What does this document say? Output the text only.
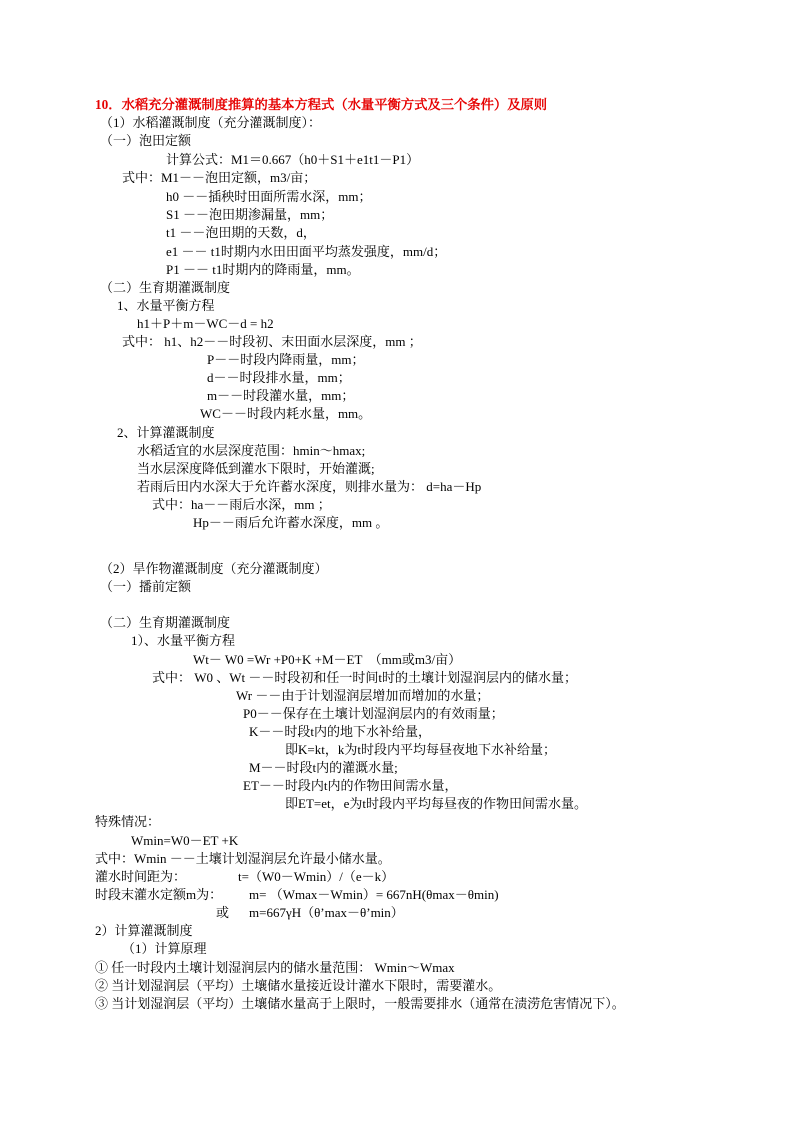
10．水稻充分灌溉制度推算的基本方程式（水量平衡方式及三个条件）及原则
（1）水稻灌溉制度（充分灌溉制度）：
（一）泡田定额
计算公式：M1＝0.667（h0＋S1＋e1t1－P1）
式中：M1－－泡田定额，m3/亩；
h0 －－插秧时田面所需水深，mm；
S1 －－泡田期渗漏量，mm；
t1 －－泡田期的天数，d，
e1 －－ t1时期内水田田面平均蒸发强度，mm/d；
P1 －－ t1时期内的降雨量，mm。
（二）生育期灌溉制度
1、水量平衡方程
h1＋P＋m－WC－d = h2
式中： h1、h2－－时段初、末田面水层深度，mm ；
P－－时段内降雨量，mm；
d－－时段排水量，mm；
m－－时段灌水量，mm；
WC－－时段内耗水量，mm。
2、计算灌溉制度
水稻适宜的水层深度范围：hmin～hmax;
当水层深度降低到灌水下限时，开始灌溉;
若雨后田内水深大于允许蓄水深度，则排水量为： d=ha－Hp
式中：ha－－雨后水深，mm ；
Hp－－雨后允许蓄水深度，mm 。
（2）旱作物灌溉制度（充分灌溉制度）
（一）播前定额
（二）生育期灌溉制度
1）、水量平衡方程
Wt－ W0 =Wr +P0+K +M－ET  （mm或m3/亩）
式中： W0 、Wt －－时段初和任一时间t时的土壤计划湿润层内的储水量；
Wr －－由于计划湿润层增加而增加的水量；
P0－－保存在土壤计划湿润层内的有效雨量；
K－－时段t内的地下水补给量，
即K=kt，k为t时段内平均每昼夜地下水补给量；
M－－时段t内的灌溉水量;
ET－－时段内t内的作物田间需水量，
即ET=et，e为t时段内平均每昼夜的作物田间需水量。
特殊情况：
Wmin=W0－ET +K
式中：Wmin －－土壤计划湿润层允许最小储水量。
灌水时间距为：	t=（W0－Wmin）/（e－k）
时段末灌水定额m为： m= （Wmax－Wmin）= 667nH(θmax－θmin)
或 m=667γH（θ’max－θ’min）
2）计算灌溉制度
（1）计算原理
① 任一时段内土壤计划湿润层内的储水量范围： Wmin～Wmax
② 当计划湿润层（平均）土壤储水量接近设计灌水下限时，需要灌水。
③ 当计划湿润层（平均）土壤储水量高于上限时，一般需要排水（通常在渍涝危害情况下）。
